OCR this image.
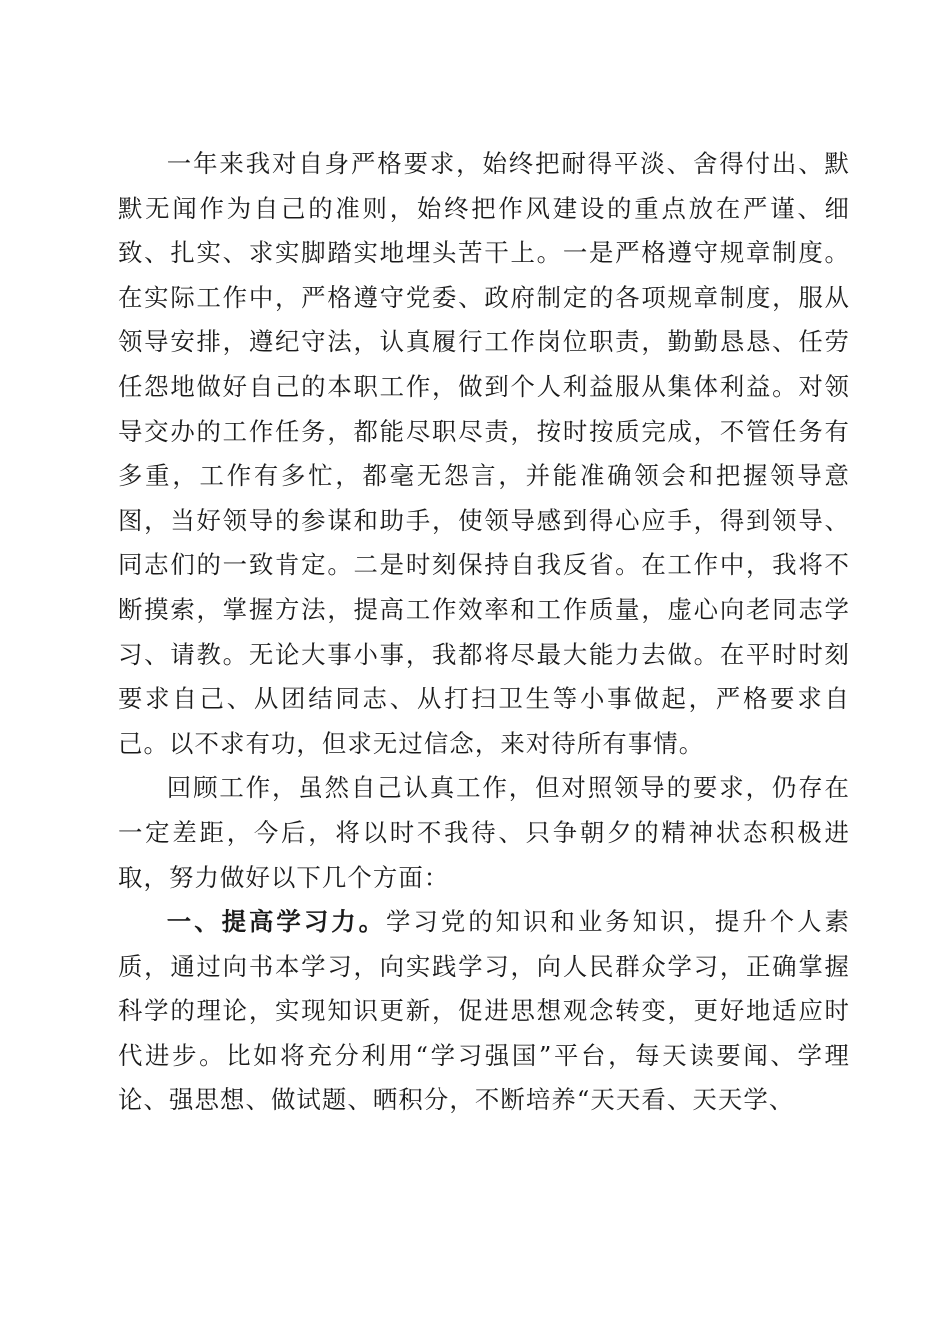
一年来我对自身严格要求，始终把耐得平淡、舍得付出、默默无闻作为自己的准则，始终把作风建设的重点放在严谨、细致、扎实、求实脚踏实地埋头苦干上。一是严格遵守规章制度。在实际工作中，严格遵守党委、政府制定的各项规章制度，服从领导安排，遵纪守法，认真履行工作岗位职责，勤勤恳恳、任劳任怨地做好自己的本职工作，做到个人利益服从集体利益。对领导交办的工作任务，都能尽职尽责，按时按质完成，不管任务有多重，工作有多忙，都毫无怨言，并能准确领会和把握领导意图，当好领导的参谋和助手，使领导感到得心应手，得到领导、同志们的一致肯定。二是时刻保持自我反省。在工作中，我将不断摸索，掌握方法，提高工作效率和工作质量，虚心向老同志学习、请教。无论大事小事，我都将尽最大能力去做。在平时时刻要求自己、从团结同志、从打扫卫生等小事做起，严格要求自己。以不求有功，但求无过信念，来对待所有事情。

回顾工作，虽然自己认真工作，但对照领导的要求，仍存在一定差距，今后，将以时不我待、只争朝夕的精神状态积极进取，努力做好以下几个方面：

一、提高学习力。学习党的知识和业务知识，提升个人素质，通过向书本学习，向实践学习，向人民群众学习，正确掌握科学的理论，实现知识更新，促进思想观念转变，更好地适应时代进步。比如将充分利用“学习强国”平台，每天读要闻、学理论、强思想、做试题、晒积分，不断培养“天天看、天天学、
